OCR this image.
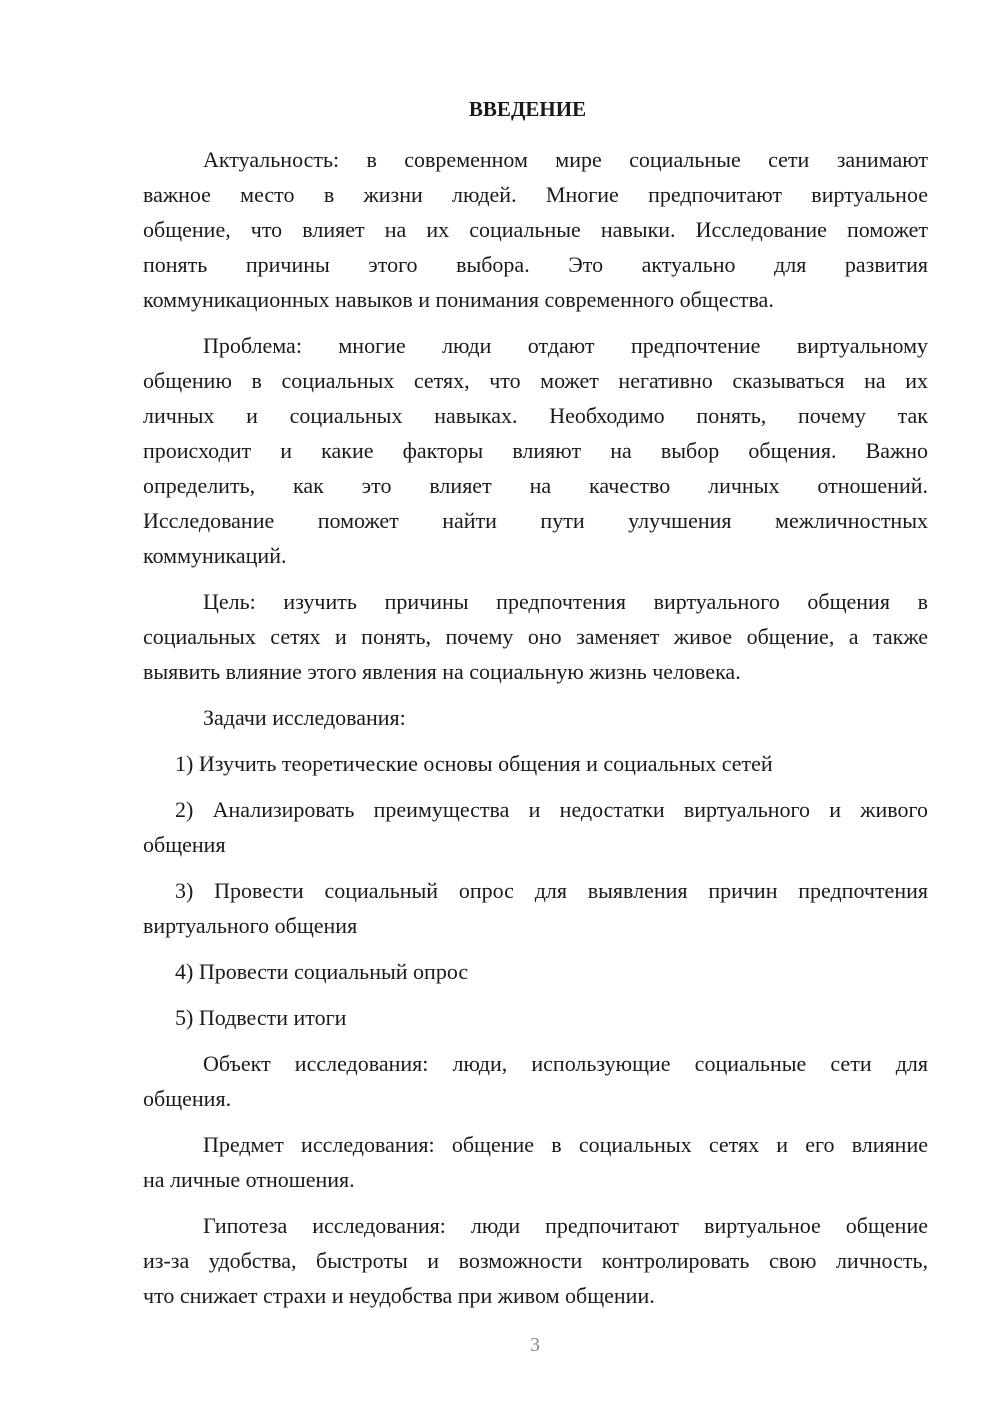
ВВЕДЕНИЕ
Актуальность: в современном мире социальные сети занимают
важное место в жизни людей. Многие предпочитают виртуальное
общение, что влияет на их социальные навыки. Исследование поможет
понять причины этого выбора. Это актуально для развития
коммуникационных навыков и понимания современного общества.
Проблема: многие люди отдают предпочтение виртуальному
общению в социальных сетях, что может негативно сказываться на их
личных и социальных навыках. Необходимо понять, почему так
происходит и какие факторы влияют на выбор общения. Важно
определить, как это влияет на качество личных отношений.
Исследование поможет найти пути улучшения межличностных
коммуникаций.
Цель: изучить причины предпочтения виртуального общения в
социальных сетях и понять, почему оно заменяет живое общение, а также
выявить влияние этого явления на социальную жизнь человека.
Задачи исследования:
1) Изучить теоретические основы общения и социальных сетей
2) Анализировать преимущества и недостатки виртуального и живого
общения
3) Провести социальный опрос для выявления причин предпочтения
виртуального общения
4) Провести социальный опрос
5) Подвести итоги
Объект исследования: люди, использующие социальные сети для
общения.
Предмет исследования: общение в социальных сетях и его влияние
на личные отношения.
Гипотеза исследования: люди предпочитают виртуальное общение
из-за удобства, быстроты и возможности контролировать свою личность,
что снижает страхи и неудобства при живом общении.
3
